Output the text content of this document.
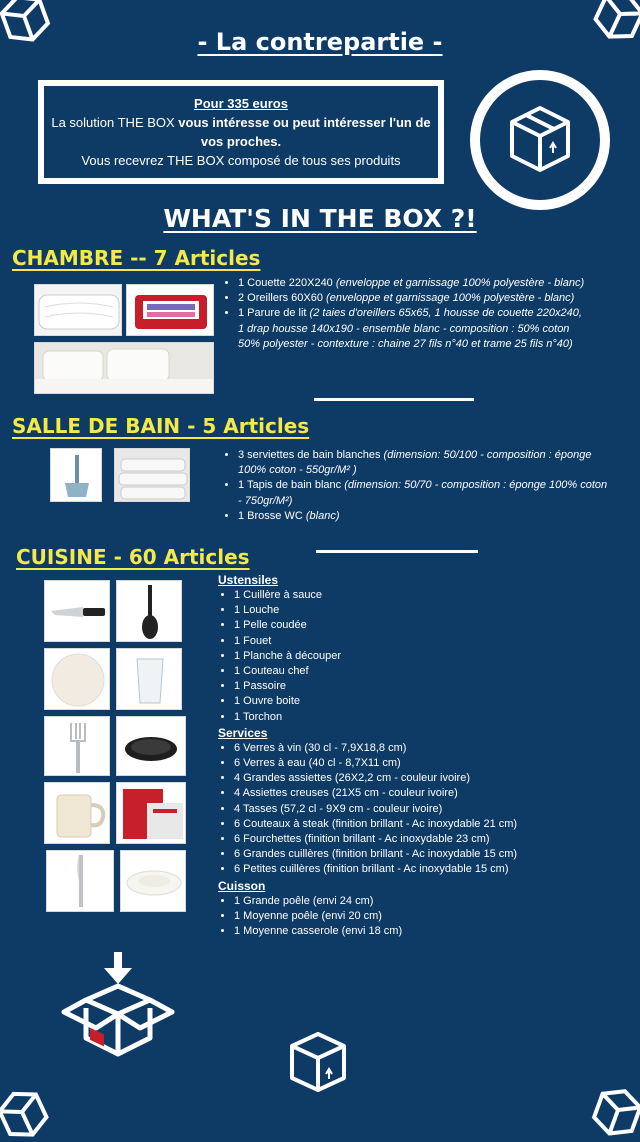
- La contrepartie -
Pour 335 euros
La solution THE BOX vous intéresse ou peut intéresser l'un de vos proches.
Vous recevrez THE BOX composé de tous ses produits
WHAT'S IN THE BOX ?!
CHAMBRE -- 7 Articles
• 1 Couette 220X240 (enveloppe et garnissage 100% polyestère - blanc)
• 2 Oreillers 60X60 (enveloppe et garnissage 100% polyestère - blanc)
• 1 Parure de lit (2 taies d'oreillers 65x65, 1 housse de couette 220x240, 1 drap housse 140x190 - ensemble blanc - composition : 50% coton 50% polyester - contexture : chaine 27 fils n°40 et trame 25 fils n°40)
SALLE DE BAIN - 5 Articles
• 3 serviettes de bain blanches (dimension: 50/100 - composition : éponge 100% coton - 550gr/M² )
• 1 Tapis de bain blanc (dimension: 50/70 - composition : éponge 100% coton - 750gr/M²)
• 1 Brosse WC (blanc)
CUISINE - 60 Articles
Ustensiles
• 1 Cuillère à sauce
• 1 Louche
• 1 Pelle coudée
• 1 Fouet
• 1 Planche à découper
• 1 Couteau chef
• 1 Passoire
• 1 Ouvre boite
• 1 Torchon
Services
• 6 Verres à vin (30 cl - 7,9X18,8 cm)
• 6 Verres à eau (40 cl - 8,7X11 cm)
• 4 Grandes assiettes (26X2,2 cm - couleur ivoire)
• 4 Assiettes creuses (21X5 cm - couleur ivoire)
• 4 Tasses (57,2 cl - 9X9 cm - couleur ivoire)
• 6 Couteaux à steak (finition brillant - Ac inoxydable 21 cm)
• 6 Fourchettes (finition brillant - Ac inoxydable 23 cm)
• 6 Grandes cuillères (finition brillant - Ac inoxydable 15 cm)
• 6 Petites cuillères (finition brillant - Ac inoxydable 15 cm)
Cuisson
• 1 Grande poêle (envi 24 cm)
• 1 Moyenne poêle (envi 20 cm)
• 1 Moyenne casserole (envi 18 cm)
